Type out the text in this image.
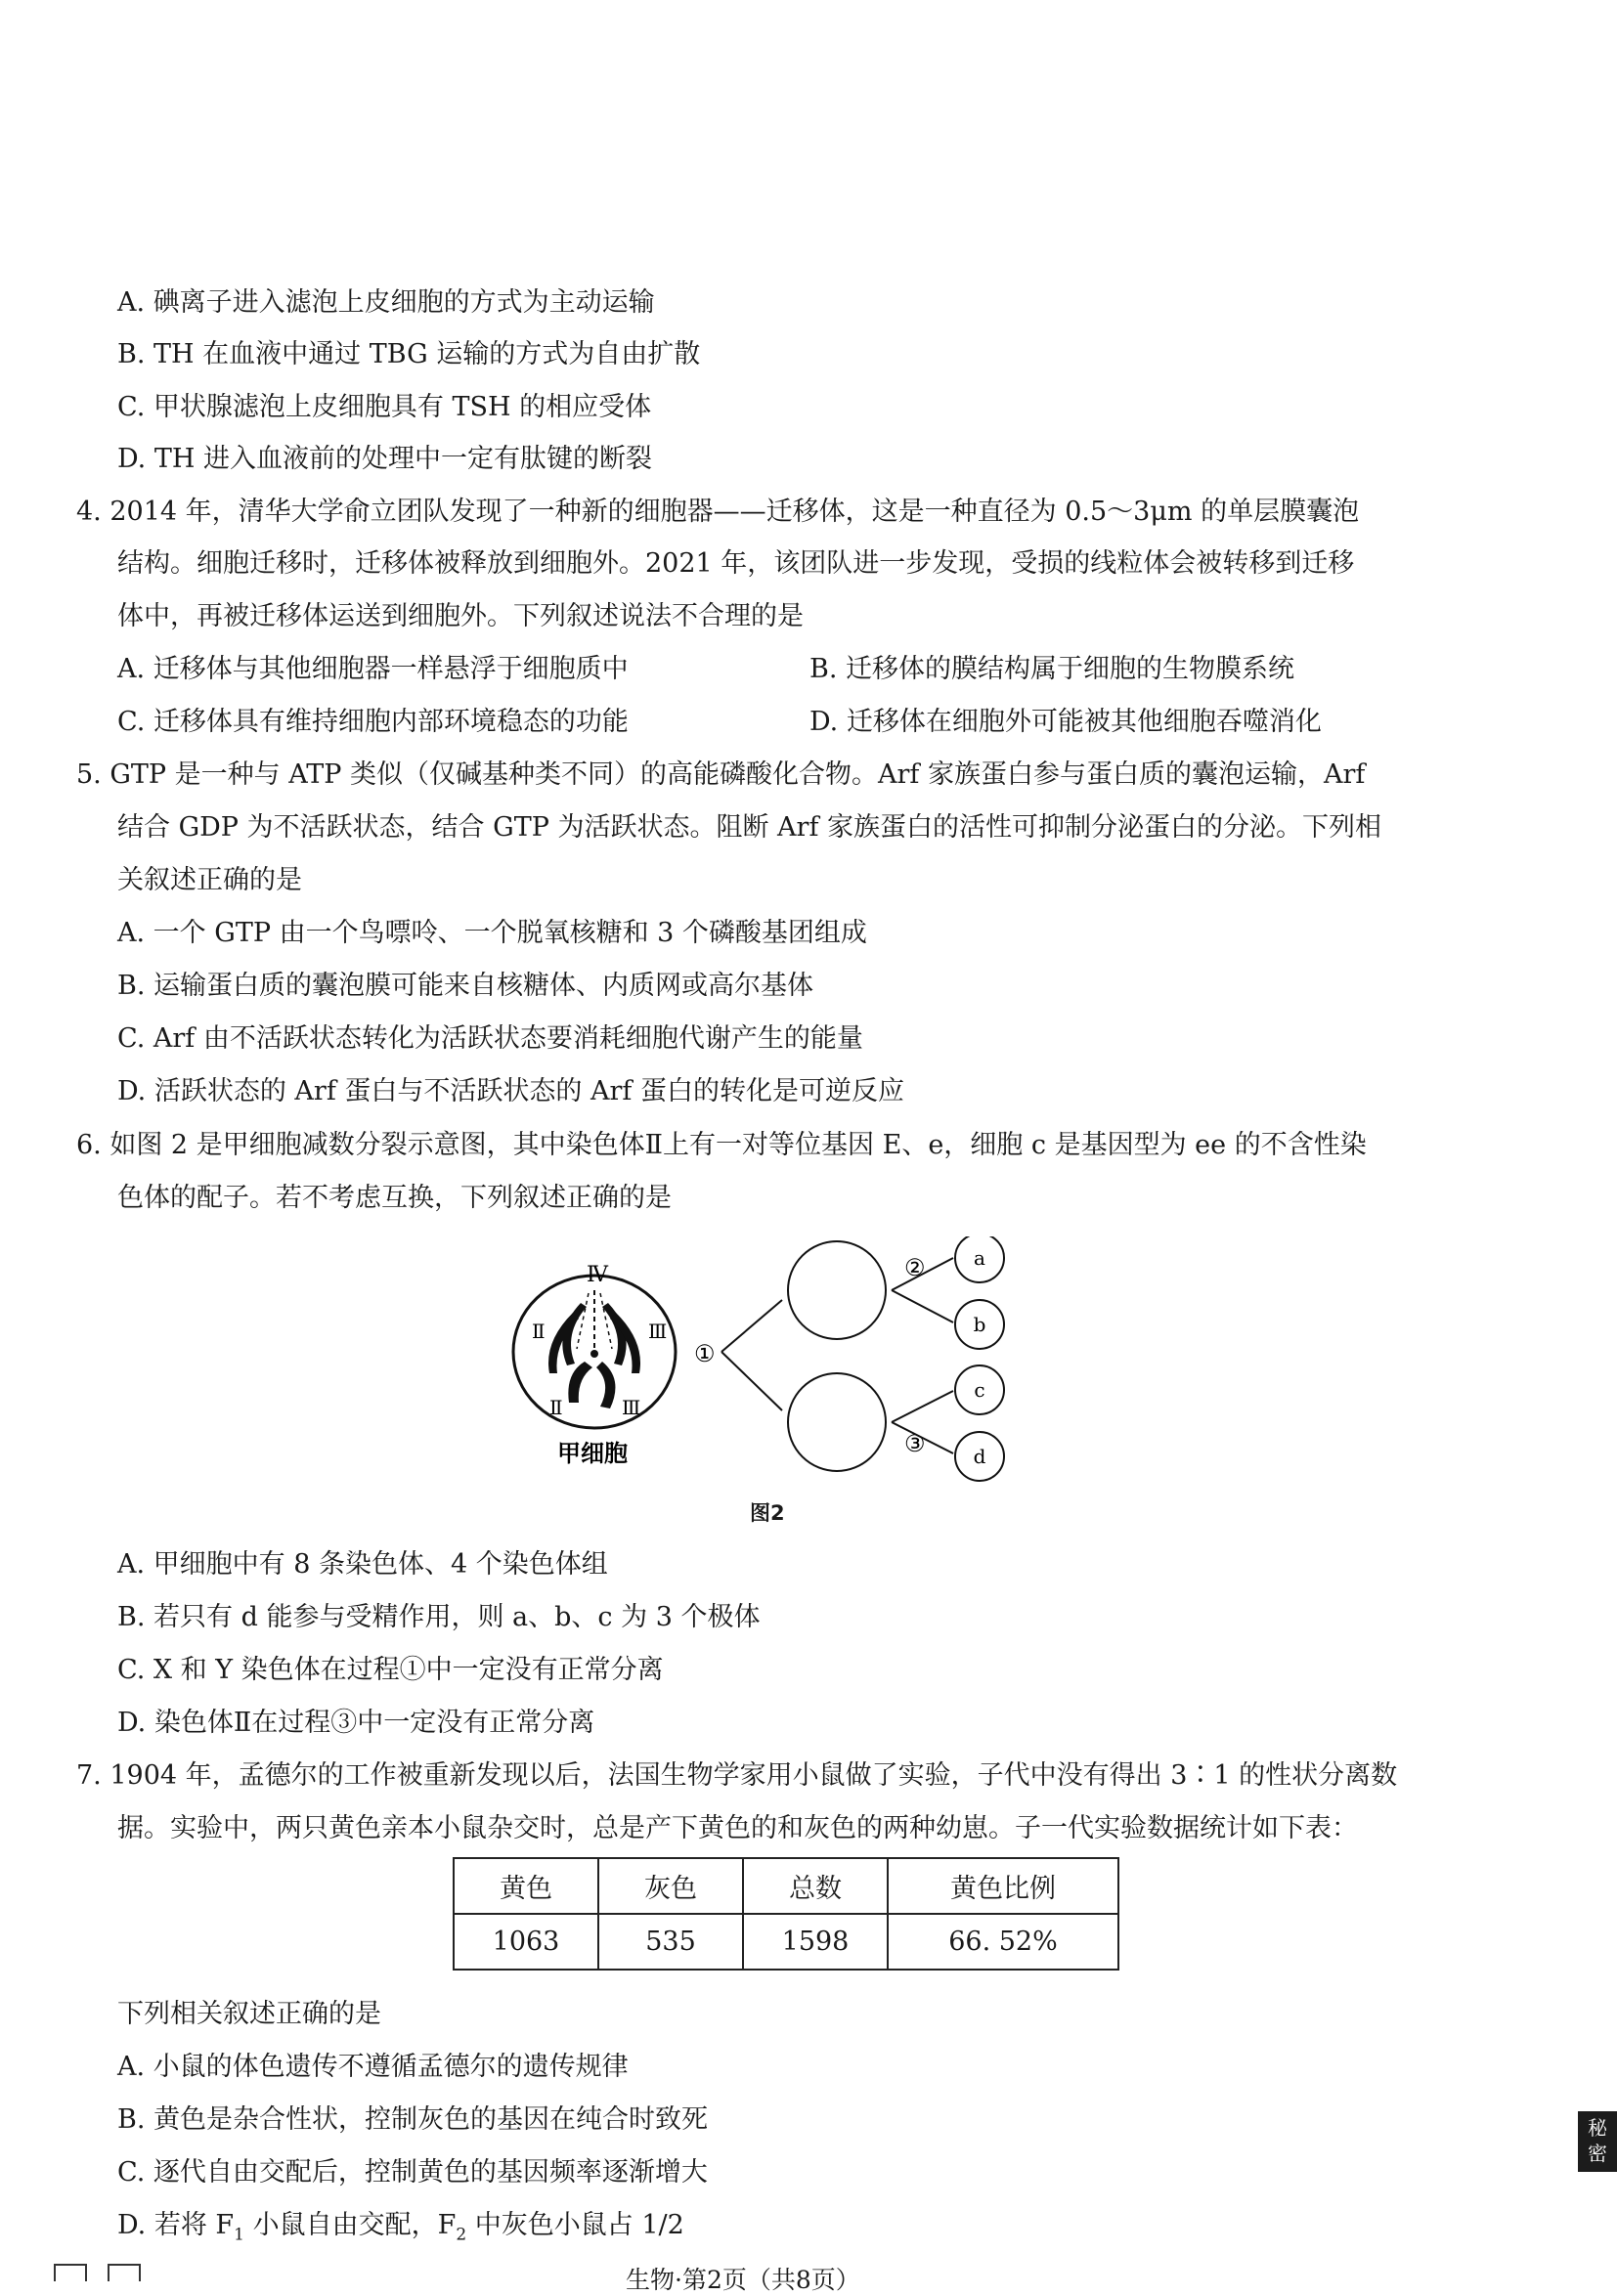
A. 碘离子进入滤泡上皮细胞的方式为主动运输
B. TH 在血液中通过 TBG 运输的方式为自由扩散
C. 甲状腺滤泡上皮细胞具有 TSH 的相应受体
D. TH 进入血液前的处理中一定有肽键的断裂
4. 2014 年，清华大学俞立团队发现了一种新的细胞器——迁移体，这是一种直径为 0.5～3μm 的单层膜囊泡
结构。细胞迁移时，迁移体被释放到细胞外。2021 年，该团队进一步发现，受损的线粒体会被转移到迁移
体中，再被迁移体运送到细胞外。下列叙述说法不合理的是
A. 迁移体与其他细胞器一样悬浮于细胞质中	B. 迁移体的膜结构属于细胞的生物膜系统
C. 迁移体具有维持细胞内部环境稳态的功能	D. 迁移体在细胞外可能被其他细胞吞噬消化
5. GTP 是一种与 ATP 类似（仅碱基种类不同）的高能磷酸化合物。Arf 家族蛋白参与蛋白质的囊泡运输，Arf
结合 GDP 为不活跃状态，结合 GTP 为活跃状态。阻断 Arf 家族蛋白的活性可抑制分泌蛋白的分泌。下列相
关叙述正确的是
A. 一个 GTP 由一个鸟嘌呤、一个脱氧核糖和 3 个磷酸基团组成
B. 运输蛋白质的囊泡膜可能来自核糖体、内质网或高尔基体
C. Arf 由不活跃状态转化为活跃状态要消耗细胞代谢产生的能量
D. 活跃状态的 Arf 蛋白与不活跃状态的 Arf 蛋白的转化是可逆反应
6. 如图 2 是甲细胞减数分裂示意图，其中染色体Ⅱ上有一对等位基因 E、e，细胞 c 是基因型为 ee 的不含性染
色体的配子。若不考虑互换，下列叙述正确的是
Ⅳ
Ⅱ	Ⅲ
Ⅱ	Ⅲ
甲细胞
①
②
③
a
b
c
d
图2
A. 甲细胞中有 8 条染色体、4 个染色体组
B. 若只有 d 能参与受精作用，则 a、b、c 为 3 个极体
C. X 和 Y 染色体在过程①中一定没有正常分离
D. 染色体Ⅱ在过程③中一定没有正常分离
7. 1904 年，孟德尔的工作被重新发现以后，法国生物学家用小鼠做了实验，子代中没有得出 3∶1 的性状分离数
据。实验中，两只黄色亲本小鼠杂交时，总是产下黄色的和灰色的两种幼崽。子一代实验数据统计如下表：
黄色	灰色	总数	黄色比例
1063	535	1598	66. 52%
下列相关叙述正确的是
A. 小鼠的体色遗传不遵循孟德尔的遗传规律
B. 黄色是杂合性状，控制灰色的基因在纯合时致死
C. 逐代自由交配后，控制黄色的基因频率逐渐增大
D. 若将 $F_1$ 小鼠自由交配，$F_2$ 中灰色小鼠占 1/2
秘
密
生物·第2页（共8页）
